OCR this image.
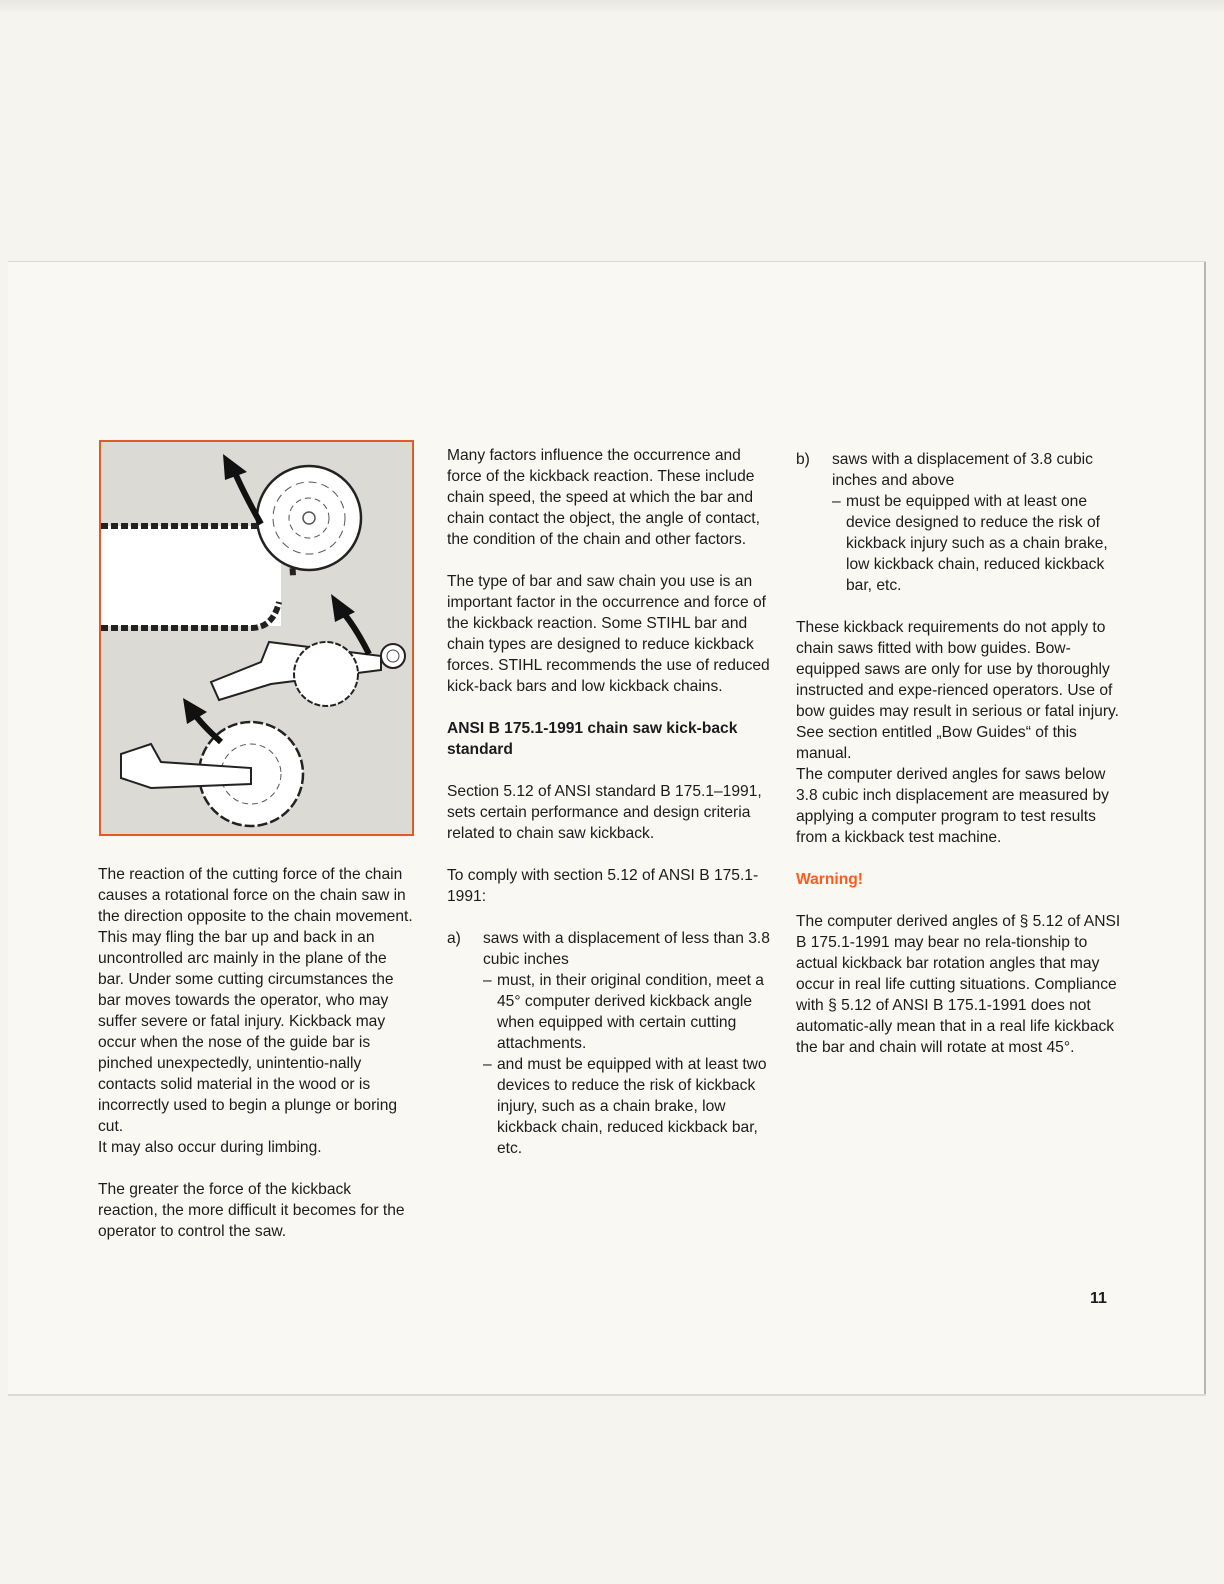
The reaction of the cutting force of the chain causes a rotational force on the chain saw in the direction opposite to the chain movement. This may fling the bar up and back in an uncontrolled arc mainly in the plane of the bar. Under some cutting circumstances the bar moves towards the operator, who may suffer severe or fatal injury. Kickback may occur when the nose of the guide bar is pinched unexpectedly, unintentio-nally contacts solid material in the wood or is incorrectly used to begin a plunge or boring cut.

It may also occur during limbing.

The greater the force of the kickback reaction, the more difficult it becomes for the operator to control the saw.

Many factors influence the occurrence and force of the kickback reaction. These include chain speed, the speed at which the bar and chain contact the object, the angle of contact, the condition of the chain and other factors.

The type of bar and saw chain you use is an important factor in the occurrence and force of the kickback reaction. Some STIHL bar and chain types are designed to reduce kickback forces. STIHL recommends the use of reduced kick-back bars and low kickback chains.

ANSI B 175.1-1991 chain saw kick-back standard

Section 5.12 of ANSI standard B 175.1–1991, sets certain performance and design criteria related to chain saw kickback.

To comply with section 5.12 of ANSI B 175.1-1991:

a) saws with a displacement of less than 3.8 cubic inches

– must, in their original condition, meet a 45° computer derived kickback angle when equipped with certain cutting attachments.

– and must be equipped with at least two devices to reduce the risk of kickback injury, such as a chain brake, low kickback chain, reduced kickback bar, etc.

b) saws with a displacement of 3.8 cubic inches and above

– must be equipped with at least one device designed to reduce the risk of kickback injury such as a chain brake, low kickback chain, reduced kickback bar, etc.

These kickback requirements do not apply to chain saws fitted with bow guides. Bow-equipped saws are only for use by thoroughly instructed and expe-rienced operators. Use of bow guides may result in serious or fatal injury. See section entitled „Bow Guides“ of this manual.

The computer derived angles for saws below 3.8 cubic inch displacement are measured by applying a computer program to test results from a kickback test machine.

Warning!

The computer derived angles of § 5.12 of ANSI B 175.1-1991 may bear no rela-tionship to actual kickback bar rotation angles that may occur in real life cutting situations. Compliance with § 5.12 of ANSI B 175.1-1991 does not automatic-ally mean that in a real life kickback the bar and chain will rotate at most 45°.

11
